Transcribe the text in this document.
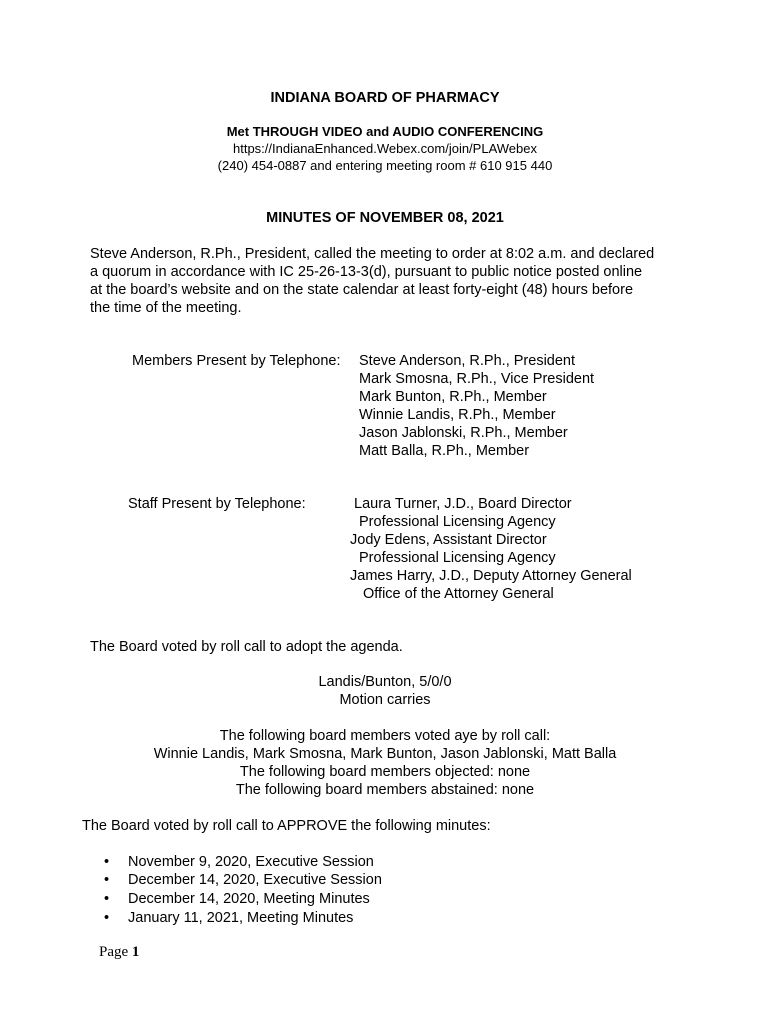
INDIANA BOARD OF PHARMACY
Met THROUGH VIDEO and AUDIO CONFERENCING
https://IndianaEnhanced.Webex.com/join/PLAWebex
(240) 454-0887 and entering meeting room # 610 915 440
MINUTES OF NOVEMBER 08, 2021
Steve Anderson, R.Ph., President, called the meeting to order at 8:02 a.m. and declared
a quorum in accordance with IC 25-26-13-3(d), pursuant to public notice posted online
at the board’s website and on the state calendar at least forty-eight (48) hours before
the time of the meeting.
Members Present by Telephone: Steve Anderson, R.Ph., President
Mark Smosna, R.Ph., Vice President
Mark Bunton, R.Ph., Member
Winnie Landis, R.Ph., Member
Jason Jablonski, R.Ph., Member
Matt Balla, R.Ph., Member
Staff Present by Telephone:	Laura Turner, J.D., Board Director
Professional Licensing Agency
Jody Edens, Assistant Director
Professional Licensing Agency
James Harry, J.D., Deputy Attorney General
Office of the Attorney General
The Board voted by roll call to adopt the agenda.
Landis/Bunton, 5/0/0
Motion carries
The following board members voted aye by roll call:
Winnie Landis, Mark Smosna, Mark Bunton, Jason Jablonski, Matt Balla
The following board members objected: none
The following board members abstained: none
The Board voted by roll call to APPROVE the following minutes:
• November 9, 2020, Executive Session
• December 14, 2020, Executive Session
• December 14, 2020, Meeting Minutes
• January 11, 2021, Meeting Minutes
Page 1
